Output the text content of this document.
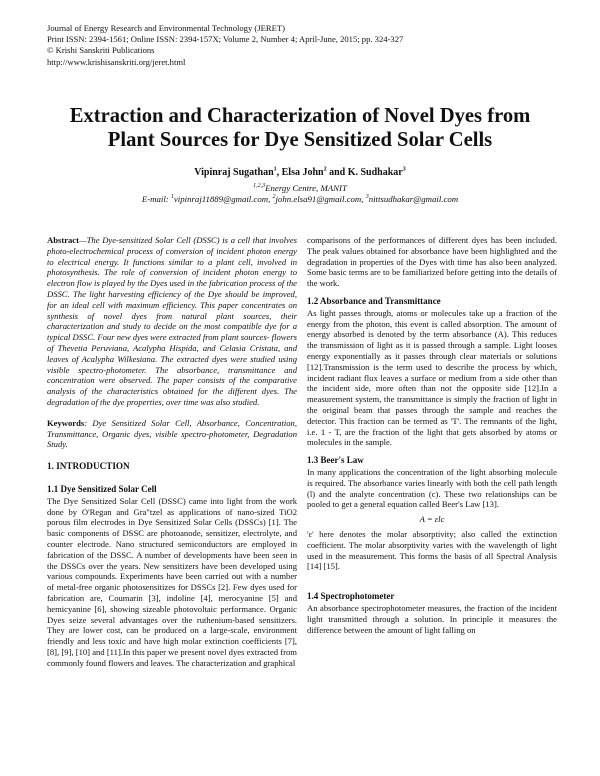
Journal of Energy Research and Environmental Technology (JERET)
Print ISSN: 2394-1561; Online ISSN: 2394-157X; Volume 2, Number 4; April-June, 2015; pp. 324-327
© Krishi Sanskriti Publications
http://www.krishisanskriti.org/jeret.html
Extraction and Characterization of Novel Dyes from
Plant Sources for Dye Sensitized Solar Cells
Vipinraj Sugathan$^1$, Elsa John$^2$ and K. Sudhakar$^3$
$^{1,2,3}$Energy Centre, MANIT
E-mail: $^1$vipinraj11889@gmail.com, $^2$john.elsa91@gmail.com, $^3$nittsudhakar@gmail.com

Abstract—The Dye-sensitized Solar Cell (DSSC) is a cell that involves photo-electrochemical process of conversion of incident photon energy to electrical energy. It functions similar to a plant cell, involved in photosynthesis. The role of conversion of incident photon energy to electron flow is played by the Dyes used in the fabrication process of the DSSC. The light harvesting efficiency of the Dye should be improved, for an ideal cell with maximum efficiency. This paper concentrates on synthesis of novel dyes from natural plant sources, their characterization and study to decide on the most compatible dye for a typical DSSC. Four new dyes were extracted from plant sources- flowers of Thevetia Peruviana, Acalypha Hispida, and Celasia Cristata, and leaves of Acalypha Wilkesiana. The extracted dyes were studied using visible spectro-photometer. The absorbance, transmittance and concentration were observed. The paper consists of the comparative analysis of the characteristics obtained for the different dyes. The degradation of the dye properties, over time was also studied.

Keywords: Dye Sensitized Solar Cell, Absorbance, Concentration, Transmittance, Organic dyes, visible spectro-photometer, Degradation Study.

1. INTRODUCTION
1.1 Dye Sensitized Solar Cell

The Dye Sensitized Solar Cell (DSSC) came into light from the work done by O'Regan and Gra"tzel as applications of nano-sized TiO2 porous film electrodes in Dye Sensitized Solar Cells (DSSCs) [1]. The basic components of DSSC are photoanode, sensitizer, electrolyte, and counter electrode. Nano structured semiconductors are employed in fabrication of the DSSC. A number of developments have been seen in the DSSCs over the years. New sensitizers have been developed using various compounds. Experiments have been carried out with a number of metal-free organic photosensitizes for DSSCs [2]. Few dyes used for fabrication are, Coumarin [3], indoline [4], merocyanine [5] and hemicyanine [6], showing sizeable photovoltaic performance. Organic Dyes seize several advantages over the ruthenium-based sensitizers. They are lower cost, can be produced on a large-scale, environment friendly and less toxic and have high molar extinction coefficients [7], [8], [9], [10] and [11].In this paper we present novel dyes extracted from commonly found flowers and leaves. The characterization and graphical

comparisons of the performances of different dyes has been included. The peak values obtained for absorbance have been highlighted and the degradation in properties of the Dyes with time has also been analyzed. Some basic terms are to be familiarized before getting into the details of the work.

1.2 Absorbance and Transmittance

As light passes through, atoms or molecules take up a fraction of the energy from the photon, this event is called absorption. The amount of energy absorbed is denoted by the term absorbance (A). This reduces the transmission of light as it is passed through a sample. Light looses energy exponentially as it passes through clear materials or solutions [12].Transmission is the term used to describe the process by which, incident radiant flux leaves a surface or medium from a side other than the incident side, more often than not the opposite side [12].In a measurement system, the transmittance is simply the fraction of light in the original beam that passes through the sample and reaches the detector. This fraction can be termed as 'T'. The remnants of the light, i.e. 1 - T, are the fraction of the light that gets absorbed by atoms or molecules in the sample.

1.3 Beer's Law

In many applications the concentration of the light absorbing molecule is required. The absorbance varies linearly with both the cell path length (l) and the analyte concentration (c). These two relationships can be pooled to get a general equation called Beer's Law [13].

A = εlc

'ε' here denotes the molar absorptivity; also called the extinction coefficient. The molar absorptivity varies with the wavelength of light used in the measurement. This forms the basis of all Spectral Analysis [14] [15].

1.4 Spectrophotometer

An absorbance spectrophotometer measures, the fraction of the incident light transmitted through a solution. In principle it measures the difference between the amount of light falling on
